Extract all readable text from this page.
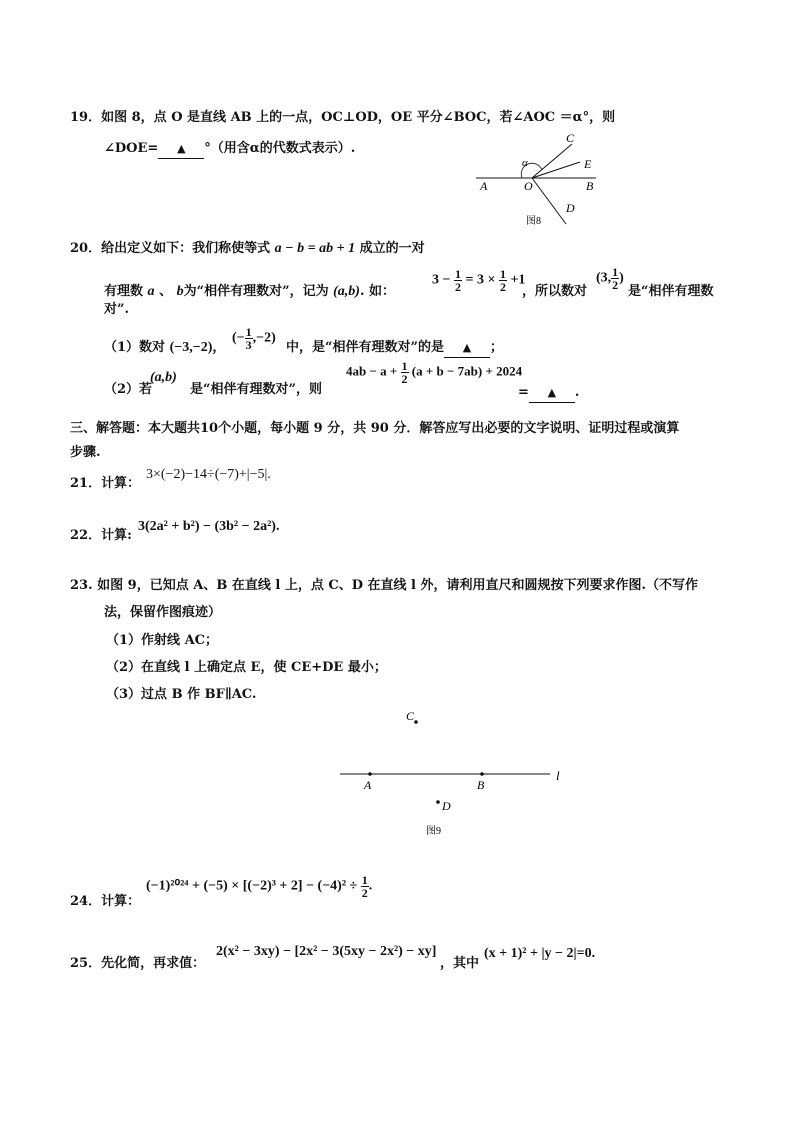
19．如图 8，点 O 是直线 AB 上的一点，OC⊥OD，OE 平分∠BOC，若∠AOC ＝α°，则
∠DOE= ▲ °（用含α的代数式表示）.
A	O	B
C
E
D
α
图8
20．给出定义如下：我们称使等式 a − b = ab + 1 成立的一对
有理数 a 、 b为“相伴有理数对”，记为 (a,b). 如：
$3 - \frac{1}{2} = 3 \times \frac{1}{2} +1$
，所以数对
(3, $\frac{1}{2}$ )
是“相伴有理数
对”.
（1）数对 (−3,−2)，
(− $\frac{1}{3} ,-2$)
中，是“相伴有理数对”的是 ▲ ；
（2）若
(a,b)
是“相伴有理数对”，则
$4ab - a + \frac{1}{2} (a + b - 7ab) + 2024$
= ▲ .
三、解答题：本大题共10个小题，每小题 9 分，共 90 分．解答应写出必要的文字说明、证明过程或演算
步骤.
21．计算：
3×(−2)−14÷(−7)+|−5|.
22．计算:
3(2a² + b²) − (3b² − 2a²).
23. 如图 9，已知点 A、B 在直线 l 上，点 C、D 在直线 l 外，请利用直尺和圆规按下列要求作图.（不写作
法，保留作图痕迹）
（1）作射线 AC；
（2）在直线 l 上确定点 E，使 CE+DE 最小；
（3）过点 B 作 BF∥AC.
C
A	B
D
l
图9
24．计算：
$(-1)^{2024} + (-5) \times [(-2)^3 + 2] - (-4)^2 \div \frac{1}{2}$ .
25．先化简，再求值：
2(x² − 3xy) − [2x² − 3(5xy − 2x²) − xy]
，其中
(x + 1)² + |y − 2|=0.
